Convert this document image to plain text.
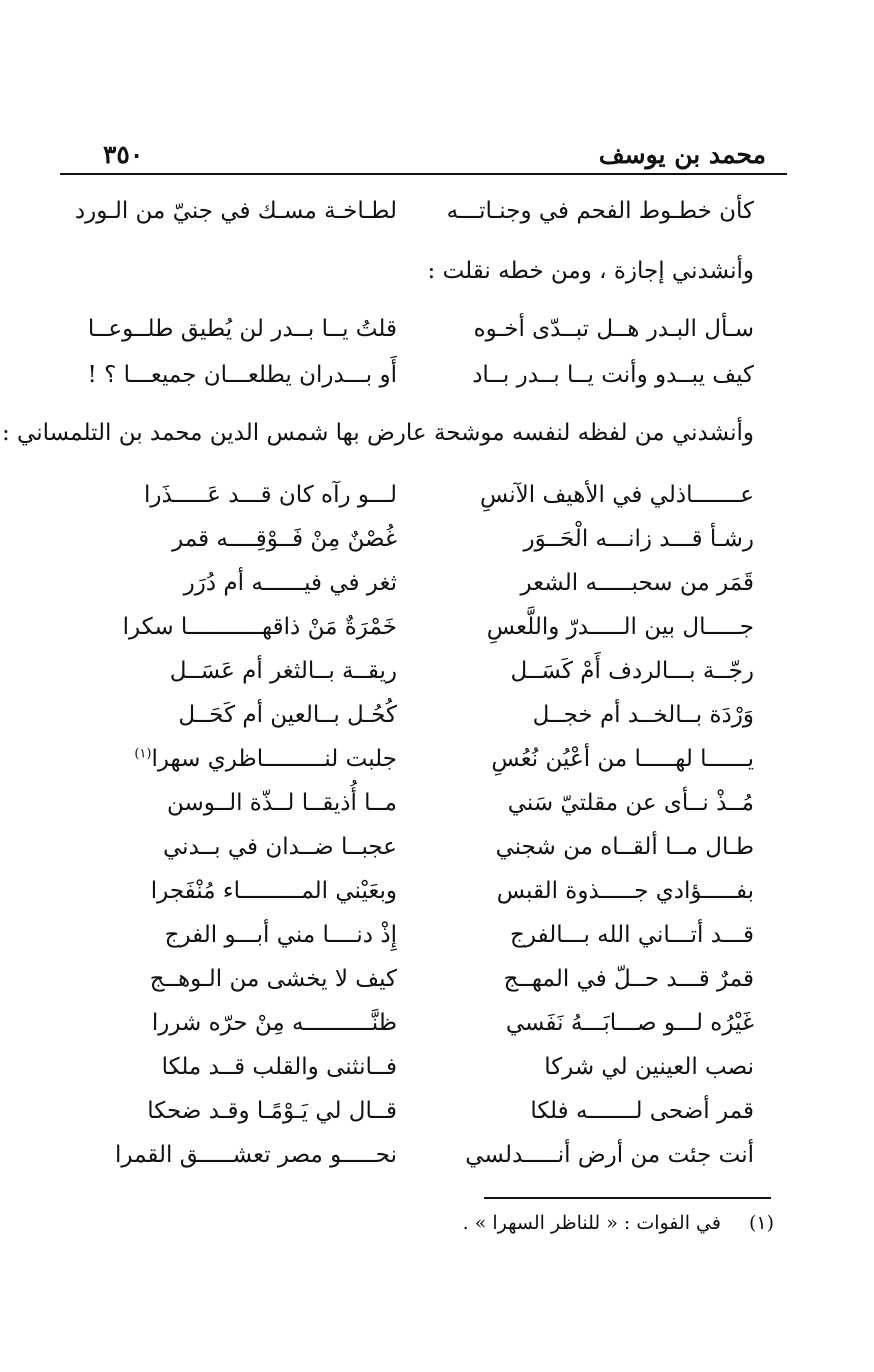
محمد بن يوسف
٣٥٠
كأن خطـوط الفحم في وجنـاتـــه
لطـاخـة مسـك في جنيّ من الـورد
وأنشدني إجازة ، ومن خطه نقلت :
سـأل البـدر هــل تبــدّى أخـوه
قلتُ يــا بــدر لن يُطيق طلــوعــا
كيف يبــدو وأنت يــا بــدر بــاد
أَو بـــدران يطلعـــان جميعـــا ؟ !
وأنشدني من لفظه لنفسه موشحة عارض بها شمس الدين محمد بن التلمساني :
عـــــــاذلي في الأهيف الآنسِ
لـــو رآه كان قـــد عَـــــذَرا
رشـأ قـــد زانـــه الْحَــوَر
غُصْنٌ مِنْ فَــوْقِــــه قمر
قَمَر من سحبـــــه الشعر
ثغر في فيــــــه أم دُرَر
جـــــال بين الـــــدرّ واللَّعسِ
خَمْرَةٌ مَنْ ذاقهـــــــــــا سكرا
رجّــة بـــالردف أَمْ كَسَــل
ريقــة بــالثغر أم عَسَــل
وَرْدَة بــالخــد أم خجــل
كُحُـل بــالعين أم كَحَــل
يــــــا لهـــــا من أعْيُن نُعُسِ
جلبت لنـــــــــاظري سهرا$^{(١)}$
مُــذْ نــأى عن مقلتيّ سَني
مــا أُذيقــا لــذّة الــوسن
طـال مــا ألقــاه من شجني
عجبــا ضــدان في بــدني
بفـــــؤادي جـــــذوة القبس
وبعَيْني المـــــــــاء مُنْفَجرا
قـــد أتـــاني الله بـــالفرج
إِذْ دنــــا مني أبـــو الفرج
قمرٌ قـــد حــلّ في المهــج
كيف لا يخشى من الـوهــج
غَيْرُه لـــو صـــابَـــهُ نَفَسي
ظنَّــــــــــه مِنْ حرّه شررا
نصب العينين لي شركا
فــانثنى والقلب قــد ملكا
قمر أضحى لـــــــه فلكا
قــال لي يَـوْمًـا وقـد ضحكا
أنت جئت من أرض أنـــــدلسي
نحـــــو مصر تعشـــــق القمرا
(١)في الفوات : « للناظر السهرا » .
